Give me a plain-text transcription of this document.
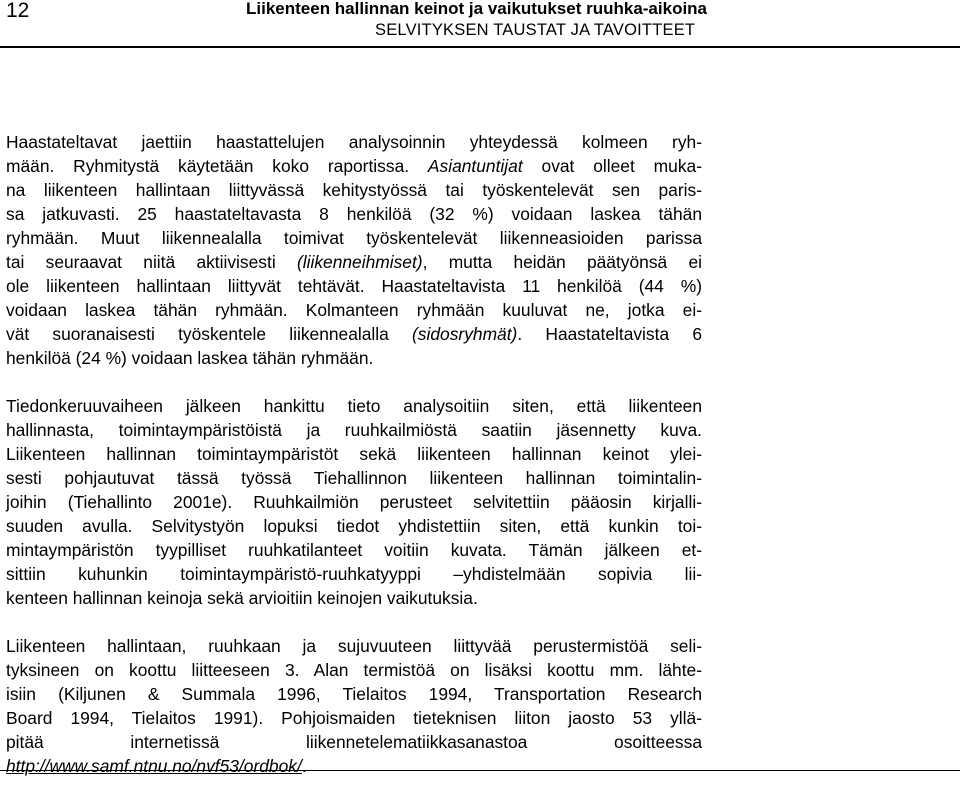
12	Liikenteen hallinnan keinot ja vaikutukset ruuhka-aikoina
SELVITYKSEN TAUSTAT JA TAVOITTEET
Haastateltavat jaettiin haastattelujen analysoinnin yhteydessä kolmeen ryh-
mään. Ryhmitystä käytetään koko raportissa. Asiantuntijat ovat olleet muka-
na liikenteen hallintaan liittyvässä kehitystyössä tai työskentelevät sen paris-
sa jatkuvasti. 25 haastateltavasta 8 henkilöä (32 %) voidaan laskea tähän
ryhmään. Muut liikennealalla toimivat työskentelevät liikenneasioiden parissa
tai seuraavat niitä aktiivisesti (liikenneihmiset), mutta heidän päätyönsä ei
ole liikenteen hallintaan liittyvät tehtävät. Haastateltavista 11 henkilöä (44 %)
voidaan laskea tähän ryhmään. Kolmanteen ryhmään kuuluvat ne, jotka ei-
vät suoranaisesti työskentele liikennealalla (sidosryhmät). Haastateltavista 6
henkilöä (24 %) voidaan laskea tähän ryhmään.
Tiedonkeruuvaiheen jälkeen hankittu tieto analysoitiin siten, että liikenteen
hallinnasta, toimintaympäristöistä ja ruuhkailmiöstä saatiin jäsennetty kuva.
Liikenteen hallinnan toimintaympäristöt sekä liikenteen hallinnan keinot ylei-
sesti pohjautuvat tässä työssä Tiehallinnon liikenteen hallinnan toimintalin-
joihin (Tiehallinto 2001e). Ruuhkailmiön perusteet selvitettiin pääosin kirjalli-
suuden avulla. Selvitystyön lopuksi tiedot yhdistettiin siten, että kunkin toi-
mintaympäristön tyypilliset ruuhkatilanteet voitiin kuvata. Tämän jälkeen et-
sittiin kuhunkin toimintaympäristö-ruuhkatyyppi –yhdistelmään sopivia lii-
kenteen hallinnan keinoja sekä arvioitiin keinojen vaikutuksia.
Liikenteen hallintaan, ruuhkaan ja sujuvuuteen liittyvää perustermistöä seli-
tyksineen on koottu liitteeseen 3. Alan termistöä on lisäksi koottu mm. lähte-
isiin (Kiljunen & Summala 1996, Tielaitos 1994, Transportation Research
Board 1994, Tielaitos 1991). Pohjoismaiden tieteknisen liiton jaosto 53 yllä-
pitää internetissä liikennetelematiikkasanastoa osoitteessa
http://www.samf.ntnu.no/nvf53/ordbok/.
